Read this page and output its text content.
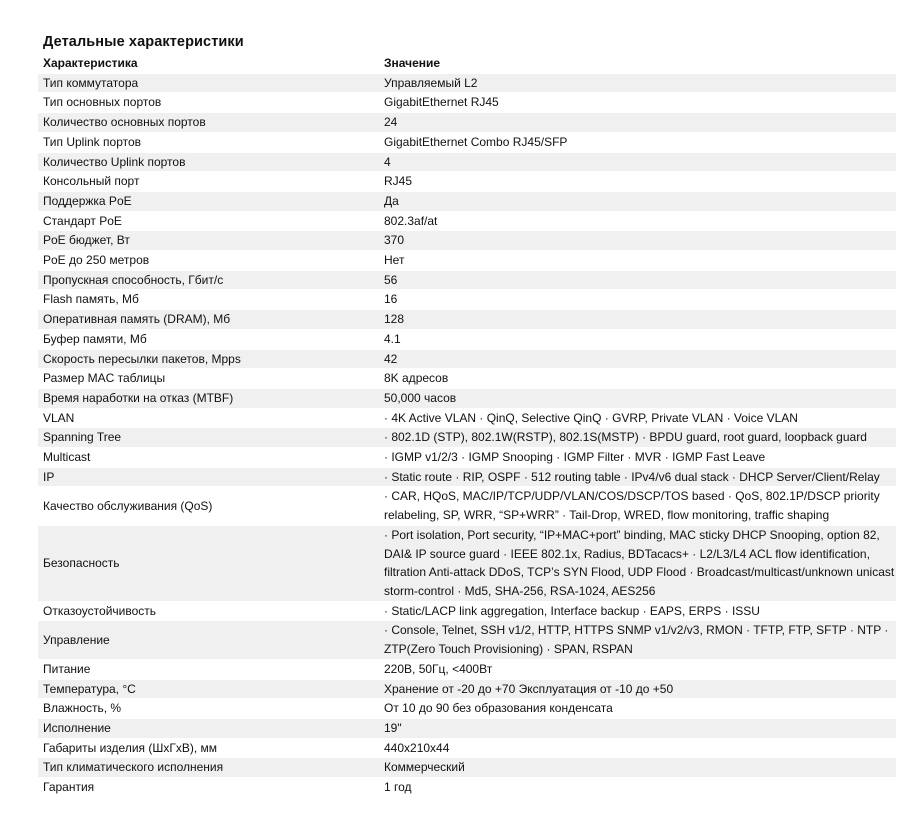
Детальные характеристики
Характеристика	Значение
Тип коммутатора	Управляемый L2
Тип основных портов	GigabitEthernet RJ45
Количество основных портов	24
Тип Uplink портов	GigabitEthernet Combo RJ45/SFP
Количество Uplink портов	4
Консольный порт	RJ45
Поддержка PoE	Да
Стандарт PoE	802.3af/at
PoE бюджет, Вт	370
PoE до 250 метров	Нет
Пропускная способность, Гбит/с	56
Flash память, Мб	16
Оперативная память (DRAM), Мб	128
Буфер памяти, Мб	4.1
Скорость пересылки пакетов, Mpps	42
Размер MAC таблицы	8K адресов
Время наработки на отказ (MTBF)	50,000 часов
VLAN	· 4K Active VLAN · QinQ, Selective QinQ · GVRP, Private VLAN · Voice VLAN
Spanning Tree	· 802.1D (STP), 802.1W(RSTP), 802.1S(MSTP) · BPDU guard, root guard, loopback guard
Multicast	· IGMP v1/2/3 · IGMP Snooping · IGMP Filter · MVR · IGMP Fast Leave
IP	· Static route · RIP, OSPF · 512 routing table · IPv4/v6 dual stack · DHCP Server/Client/Relay
Качество обслуживания (QoS)	· CAR, HQoS, MAC/IP/TCP/UDP/VLAN/COS/DSCP/TOS based · QoS, 802.1P/DSCP priority relabeling, SP, WRR, “SP+WRR” · Tail-Drop, WRED, flow monitoring, traffic shaping
Безопасность	· Port isolation, Port security, “IP+MAC+port” binding, MAC sticky DHCP Snooping, option 82, DAI& IP source guard · IEEE 802.1x, Radius, BDTacacs+ · L2/L3/L4 ACL flow identification, filtration Anti-attack DDoS, TCP’s SYN Flood, UDP Flood · Broadcast/multicast/unknown unicast storm-control · Md5, SHA-256, RSA-1024, AES256
Отказоустойчивость	· Static/LACP link aggregation, Interface backup · EAPS, ERPS · ISSU
Управление	· Console, Telnet, SSH v1/2, HTTP, HTTPS SNMP v1/v2/v3, RMON · TFTP, FTP, SFTP · NTP · ZTP(Zero Touch Provisioning) · SPAN, RSPAN
Питание	220В, 50Гц, <400Вт
Температура, °С	Хранение от -20 до +70 Эксплуатация от -10 до +50
Влажность, %	От 10 до 90 без образования конденсата
Исполнение	19"
Габариты изделия (ШхГхВ), мм	440x210x44
Тип климатического исполнения	Коммерческий
Гарантия	1 год
